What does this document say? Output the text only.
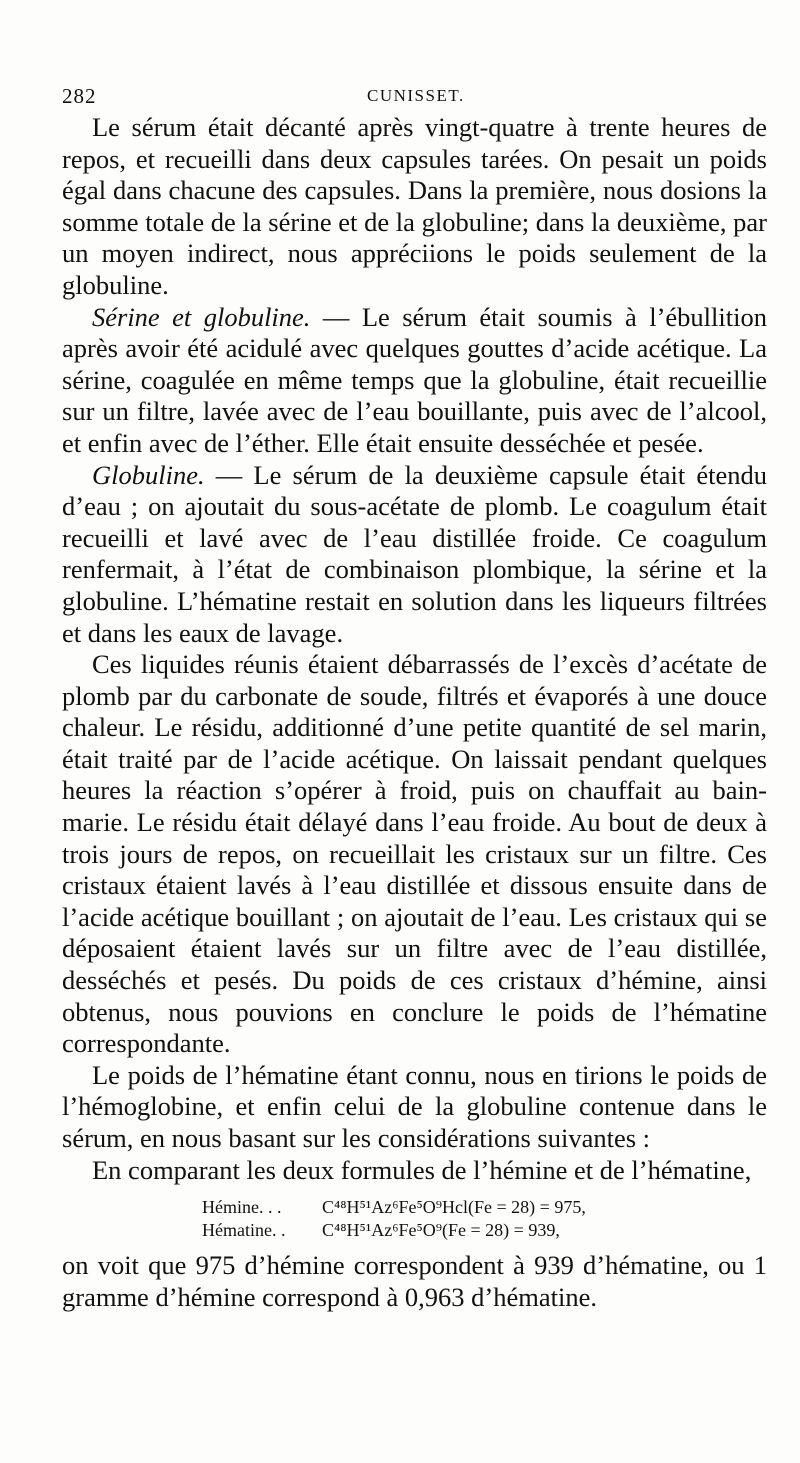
282	CUNISSET.

Le sérum était décanté après vingt-quatre à trente heures de repos, et recueilli dans deux capsules tarées. On pesait un poids égal dans chacune des capsules. Dans la première, nous dosions la somme totale de la sérine et de la globuline; dans la deuxième, par un moyen indirect, nous appréciions le poids seulement de la globuline.

Sérine et globuline. — Le sérum était soumis à l’ébullition après avoir été acidulé avec quelques gouttes d’acide acétique. La sérine, coagulée en même temps que la globuline, était recueillie sur un filtre, lavée avec de l’eau bouillante, puis avec de l’alcool, et enfin avec de l’éther. Elle était ensuite desséchée et pesée.

Globuline. — Le sérum de la deuxième capsule était étendu d’eau ; on ajoutait du sous-acétate de plomb. Le coagulum était recueilli et lavé avec de l’eau distillée froide. Ce coagulum renfermait, à l’état de combinaison plombique, la sérine et la globuline. L’hématine restait en solution dans les liqueurs filtrées et dans les eaux de lavage.

Ces liquides réunis étaient débarrassés de l’excès d’acétate de plomb par du carbonate de soude, filtrés et évaporés à une douce chaleur. Le résidu, additionné d’une petite quantité de sel marin, était traité par de l’acide acétique. On laissait pendant quelques heures la réaction s’opérer à froid, puis on chauffait au bain-marie. Le résidu était délayé dans l’eau froide. Au bout de deux à trois jours de repos, on recueillait les cristaux sur un filtre. Ces cristaux étaient lavés à l’eau distillée et dissous ensuite dans de l’acide acétique bouillant ; on ajoutait de l’eau. Les cristaux qui se déposaient étaient lavés sur un filtre avec de l’eau distillée, desséchés et pesés. Du poids de ces cristaux d’hémine, ainsi obtenus, nous pouvions en conclure le poids de l’hématine correspondante.

Le poids de l’hématine étant connu, nous en tirions le poids de l’hémoglobine, et enfin celui de la globuline contenue dans le sérum, en nous basant sur les considérations suivantes :

En comparant les deux formules de l’hémine et de l’hématine,

Hémine. . . C⁴⁸H⁵¹Az⁶Fe⁵O⁹Hcl(Fe = 28) = 975,
Hématine. . C⁴⁸H⁵¹Az⁶Fe⁵O⁹(Fe = 28) = 939,

on voit que 975 d’hémine correspondent à 939 d’hématine, ou 1 gramme d’hémine correspond à 0,963 d’hématine.
